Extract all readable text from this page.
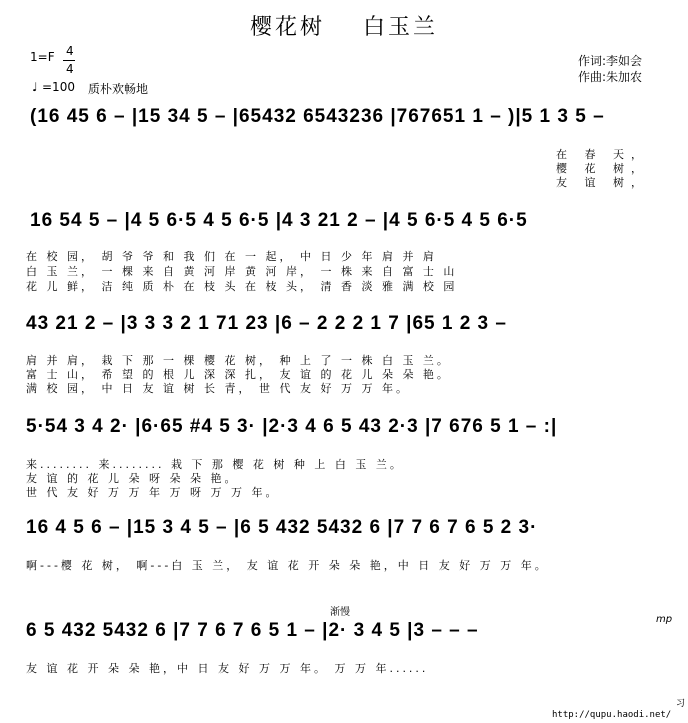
樱花树 白玉兰
1=F 4
4
♩ =100 质朴欢畅地
作词:李如会
作曲:朱加农
(16 45 6 – |15 34 5 – |65432 6543236 |767651 1 – )|5 1 3 5 –
在 春 天，
樱 花 树，
友 谊 树，
16 54 5 – |4 5 6·5 4 5 6·5 |4 3 21 2 – |4 5 6·5 4 5 6·5
在 校 园， 胡 爷 爷 和 我 们 在 一 起， 中 日 少 年 肩 并 肩
白 玉 兰， 一 棵 来 自 黄 河 岸 黄 河 岸， 一 株 来 自 富 士 山
花 儿 鲜， 洁 纯 质 朴 在 枝 头 在 枝 头， 清 香 淡 雅 满 校 园
43 21 2 – |3 3 3 2 1 71 23 |6 – 2 2 2 1 7 |65 1 2 3 –
肩 并 肩， 栽 下 那 一 棵 樱 花 树， 种 上 了 一 株 白 玉 兰。
富 士 山， 希 望 的 根 儿 深 深 扎， 友 谊 的 花 儿 朵 朵 艳。
满 校 园， 中 日 友 谊 树 长 青， 世 代 友 好 万 万 年。
5·54 3 4 2· |6·65 #4 5 3· |2·3 4 6 5 43 2·3 |7 676 5 1 – :|
来........ 来........ 栽 下 那 樱 花 树 种 上 白 玉 兰。
友 谊 的 花 儿 朵 呀 朵 朵 艳。
世 代 友 好 万 万 年 万 呀 万 万 年。
16 4 5 6 – |15 3 4 5 – |6 5 432 5432 6 |7 7 6 7 6 5 2 3·
啊---樱 花 树， 啊---白 玉 兰， 友 谊 花 开 朵 朵 艳，中 日 友 好 万 万 年。
渐慢
6 5 432 5432 6 |7 7 6 7 6 5 1 – |2· 3 4 5 |3 – – –
mp
友 谊 花 开 朵 朵 艳，中 日 友 好 万 万 年。 万 万 年......
习
http://qupu.haodi.net/
